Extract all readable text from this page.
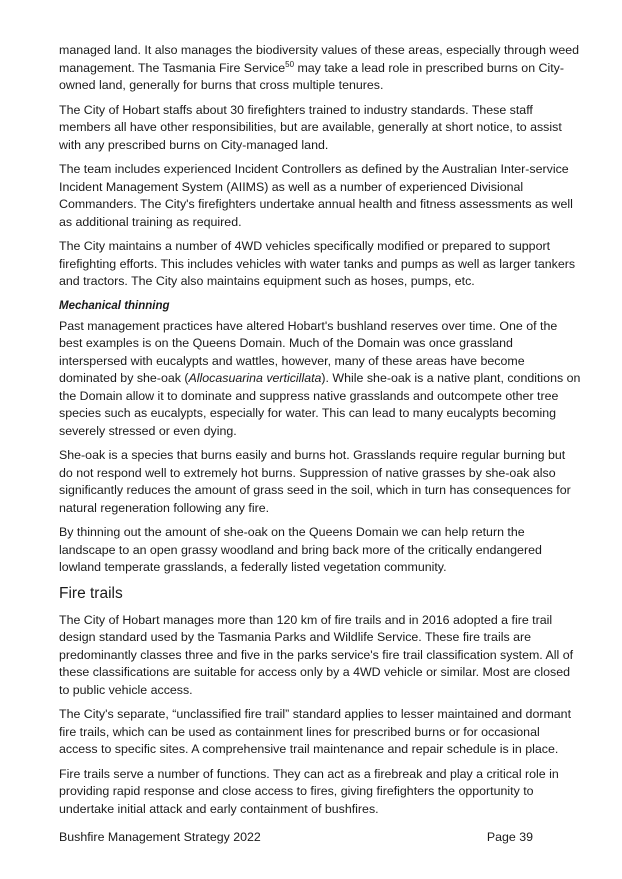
managed land. It also manages the biodiversity values of these areas, especially through weed management. The Tasmania Fire Service$^{50}$ may take a lead role in prescribed burns on City-owned land, generally for burns that cross multiple tenures.

The City of Hobart staffs about 30 firefighters trained to industry standards. These staff members all have other responsibilities, but are available, generally at short notice, to assist with any prescribed burns on City-managed land.

The team includes experienced Incident Controllers as defined by the Australian Inter-service Incident Management System (AIIMS) as well as a number of experienced Divisional Commanders. The City's firefighters undertake annual health and fitness assessments as well as additional training as required.

The City maintains a number of 4WD vehicles specifically modified or prepared to support firefighting efforts. This includes vehicles with water tanks and pumps as well as larger tankers and tractors. The City also maintains equipment such as hoses, pumps, etc.

Mechanical thinning

Past management practices have altered Hobart's bushland reserves over time. One of the best examples is on the Queens Domain. Much of the Domain was once grassland interspersed with eucalypts and wattles, however, many of these areas have become dominated by she-oak (Allocasuarina verticillata). While she-oak is a native plant, conditions on the Domain allow it to dominate and suppress native grasslands and outcompete other tree species such as eucalypts, especially for water. This can lead to many eucalypts becoming severely stressed or even dying.

She-oak is a species that burns easily and burns hot. Grasslands require regular burning but do not respond well to extremely hot burns. Suppression of native grasses by she-oak also significantly reduces the amount of grass seed in the soil, which in turn has consequences for natural regeneration following any fire.

By thinning out the amount of she-oak on the Queens Domain we can help return the landscape to an open grassy woodland and bring back more of the critically endangered lowland temperate grasslands, a federally listed vegetation community.

Fire trails

The City of Hobart manages more than 120 km of fire trails and in 2016 adopted a fire trail design standard used by the Tasmania Parks and Wildlife Service. These fire trails are predominantly classes three and five in the parks service's fire trail classification system. All of these classifications are suitable for access only by a 4WD vehicle or similar. Most are closed to public vehicle access.

The City's separate, “unclassified fire trail” standard applies to lesser maintained and dormant fire trails, which can be used as containment lines for prescribed burns or for occasional access to specific sites. A comprehensive trail maintenance and repair schedule is in place.

Fire trails serve a number of functions. They can act as a firebreak and play a critical role in providing rapid response and close access to fires, giving firefighters the opportunity to undertake initial attack and early containment of bushfires.

Bushfire Management Strategy 2022	Page 39
